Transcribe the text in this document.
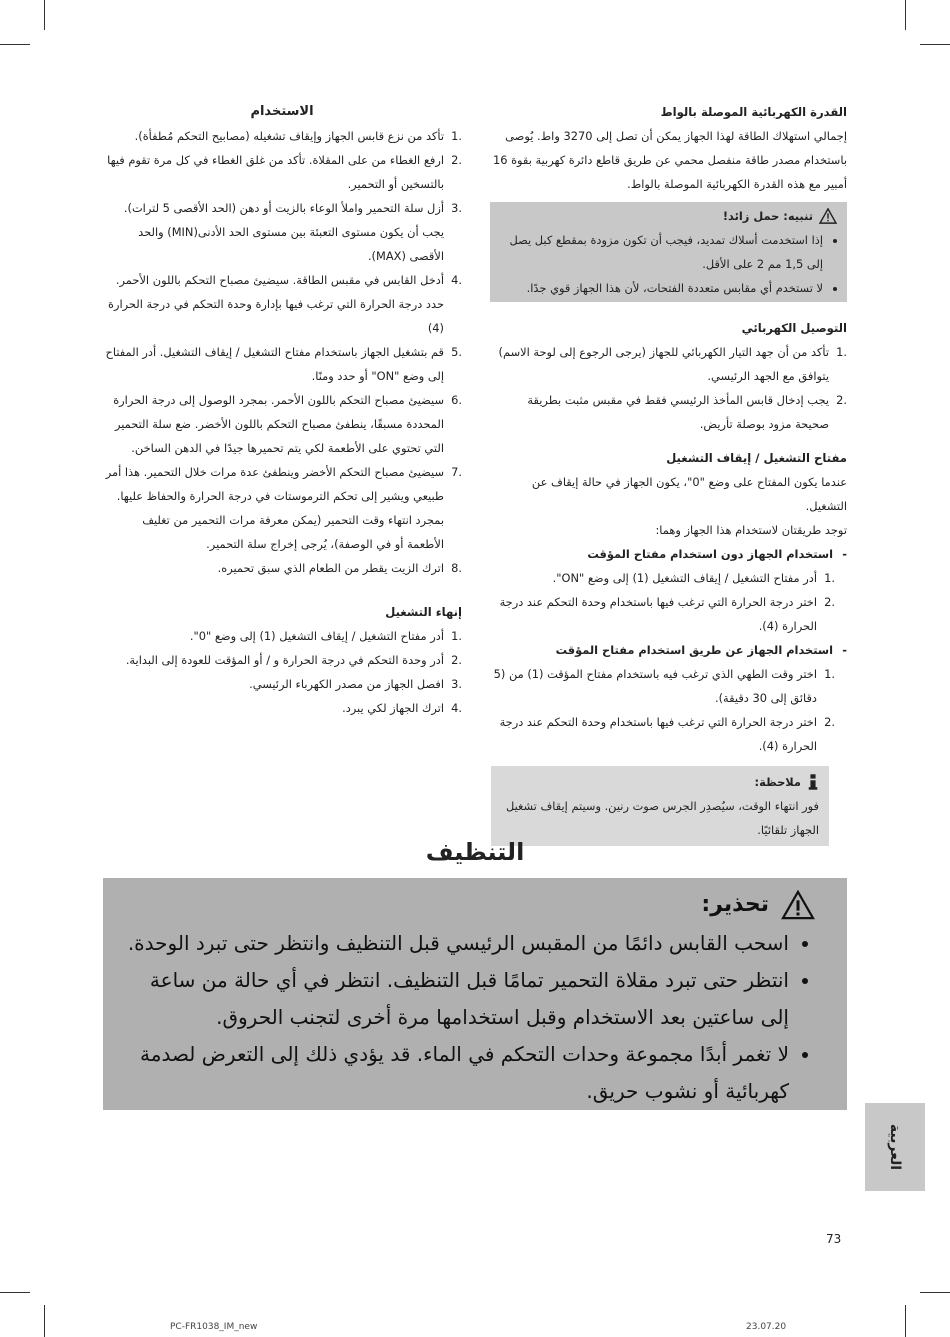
القدرة الكهربائية الموصلة بالواط

إجمالي استهلاك الطاقة لهذا الجهاز يمكن أن تصل إلى 3270 واط. يُوصى باستخدام مصدر طاقة منفصل محمي عن طريق قاطع دائرة كهربية بقوة 16 أمبير مع هذه القدرة الكهربائية الموصلة بالواط.

تنبيه: حمل زائد!
• إذا استخدمت أسلاك تمديد، فيجب أن تكون مزودة بمقطع كبل يصل إلى 1,5 مم 2 على الأقل.
• لا تستخدم أي مقابس متعددة الفتحات، لأن هذا الجهاز قوي جدًا.
التوصيل الكهربائي
.1
تأكد من أن جهد التيار الكهربائي للجهاز (يرجى الرجوع إلى لوحة الاسم) يتوافق مع الجهد الرئيسي.
.2
يجب إدخال قابس المأخذ الرئيسي فقط في مقبس مثبت بطريقة صحيحة مزود بوصلة تأريض.
مفتاح التشغيل / إيقاف التشغيل

عندما يكون المفتاح على وضع "0"، يكون الجهاز في حالة إيقاف عن التشغيل.

توجد طريقتان لاستخدام هذا الجهاز وهما:

-
استخدام الجهاز دون استخدام مفتاح المؤقت
.1
أدر مفتاح التشغيل / إيقاف التشغيل (1) إلى وضع "ON".
.2
اختر درجة الحرارة التي ترغب فيها باستخدام وحدة التحكم عند درجة الحرارة (4).
-
استخدام الجهاز عن طريق استخدام مفتاح المؤقت
.1
اختر وقت الطهي الذي ترغب فيه باستخدام مفتاح المؤقت (1) من (5 دقائق إلى 30 دقيقة).
.2
اختر درجة الحرارة التي ترغب فيها باستخدام وحدة التحكم عند درجة الحرارة (4).
ملاحظة:

فور انتهاء الوقت، سيُصدِر الجرس صوت رنين. وسيتم إيقاف تشغيل الجهاز تلقائيًا.

الاستخدام
.1
تأكد من نزع قابس الجهاز وإيقاف تشغيله (مصابيح التحكم مُطفأة).
.2
ارفع الغطاء من على المقلاة. تأكد من غلق الغطاء في كل مرة تقوم فيها بالتسخين أو التحمير.
.3
أزل سلة التحمير واملأ الوعاء بالزيت أو دهن (الحد الأقصى 5 لترات). يجب أن يكون مستوى التعبئة بين مستوى الحد الأدنى(MIN) والحد الأقصى (MAX).
.4
أدخل القابس في مقبس الطاقة. سيضيئ مصباح التحكم باللون الأحمر. حدد درجة الحرارة التي ترغب فيها بإدارة وحدة التحكم في درجة الحرارة (4)
.5
قم بتشغيل الجهاز باستخدام مفتاح التشغيل / إيقاف التشغيل. أدر المفتاح إلى وضع "ON" أو حدد ومنًا.
.6
سيضيئ مصباح التحكم باللون الأحمر. بمجرد الوصول إلى درجة الحرارة المحددة مسبقًا، ينطفئ مصباح التحكم باللون الأخضر. ضع سلة التحمير التي تحتوي على الأطعمة لكي يتم تحميرها جيدًا في الدهن الساخن.
.7
سيضيئ مصباح التحكم الأخضر وينطفئ عدة مرات خلال التحمير. هذا أمر طبيعي ويشير إلى تحكم الترموستات في درجة الحرارة والحفاظ عليها. بمجرد انتهاء وقت التحمير (يمكن معرفة مرات التحمير من تغليف الأطعمة أو في الوصفة)، يُرجى إخراج سلة التحمير.
.8
اترك الزيت يقطر من الطعام الذي سبق تحميره.
إنهاء التشغيل
.1
أدر مفتاح التشغيل / إيقاف التشغيل (1) إلى وضع "0".
.2
أدر وحدة التحكم في درجة الحرارة و / أو المؤقت للعودة إلى البداية.
.3
افصل الجهاز من مصدر الكهرباء الرئيسي.
.4
اترك الجهاز لكي يبرد.
التنظيف
تحذير:
• اسحب القابس دائمًا من المقبس الرئيسي قبل التنظيف وانتظر حتى تبرد الوحدة.
• انتظر حتى تبرد مقلاة التحمير تمامًا قبل التنظيف. انتظر في أي حالة من ساعة إلى ساعتين بعد الاستخدام وقبل استخدامها مرة أخرى لتجنب الحروق.
• لا تغمر أبدًا مجموعة وحدات التحكم في الماء. قد يؤدي ذلك إلى التعرض لصدمة كهربائية أو نشوب حريق.
العربية
73
PC-FR1038_IM_new	23.07.20
